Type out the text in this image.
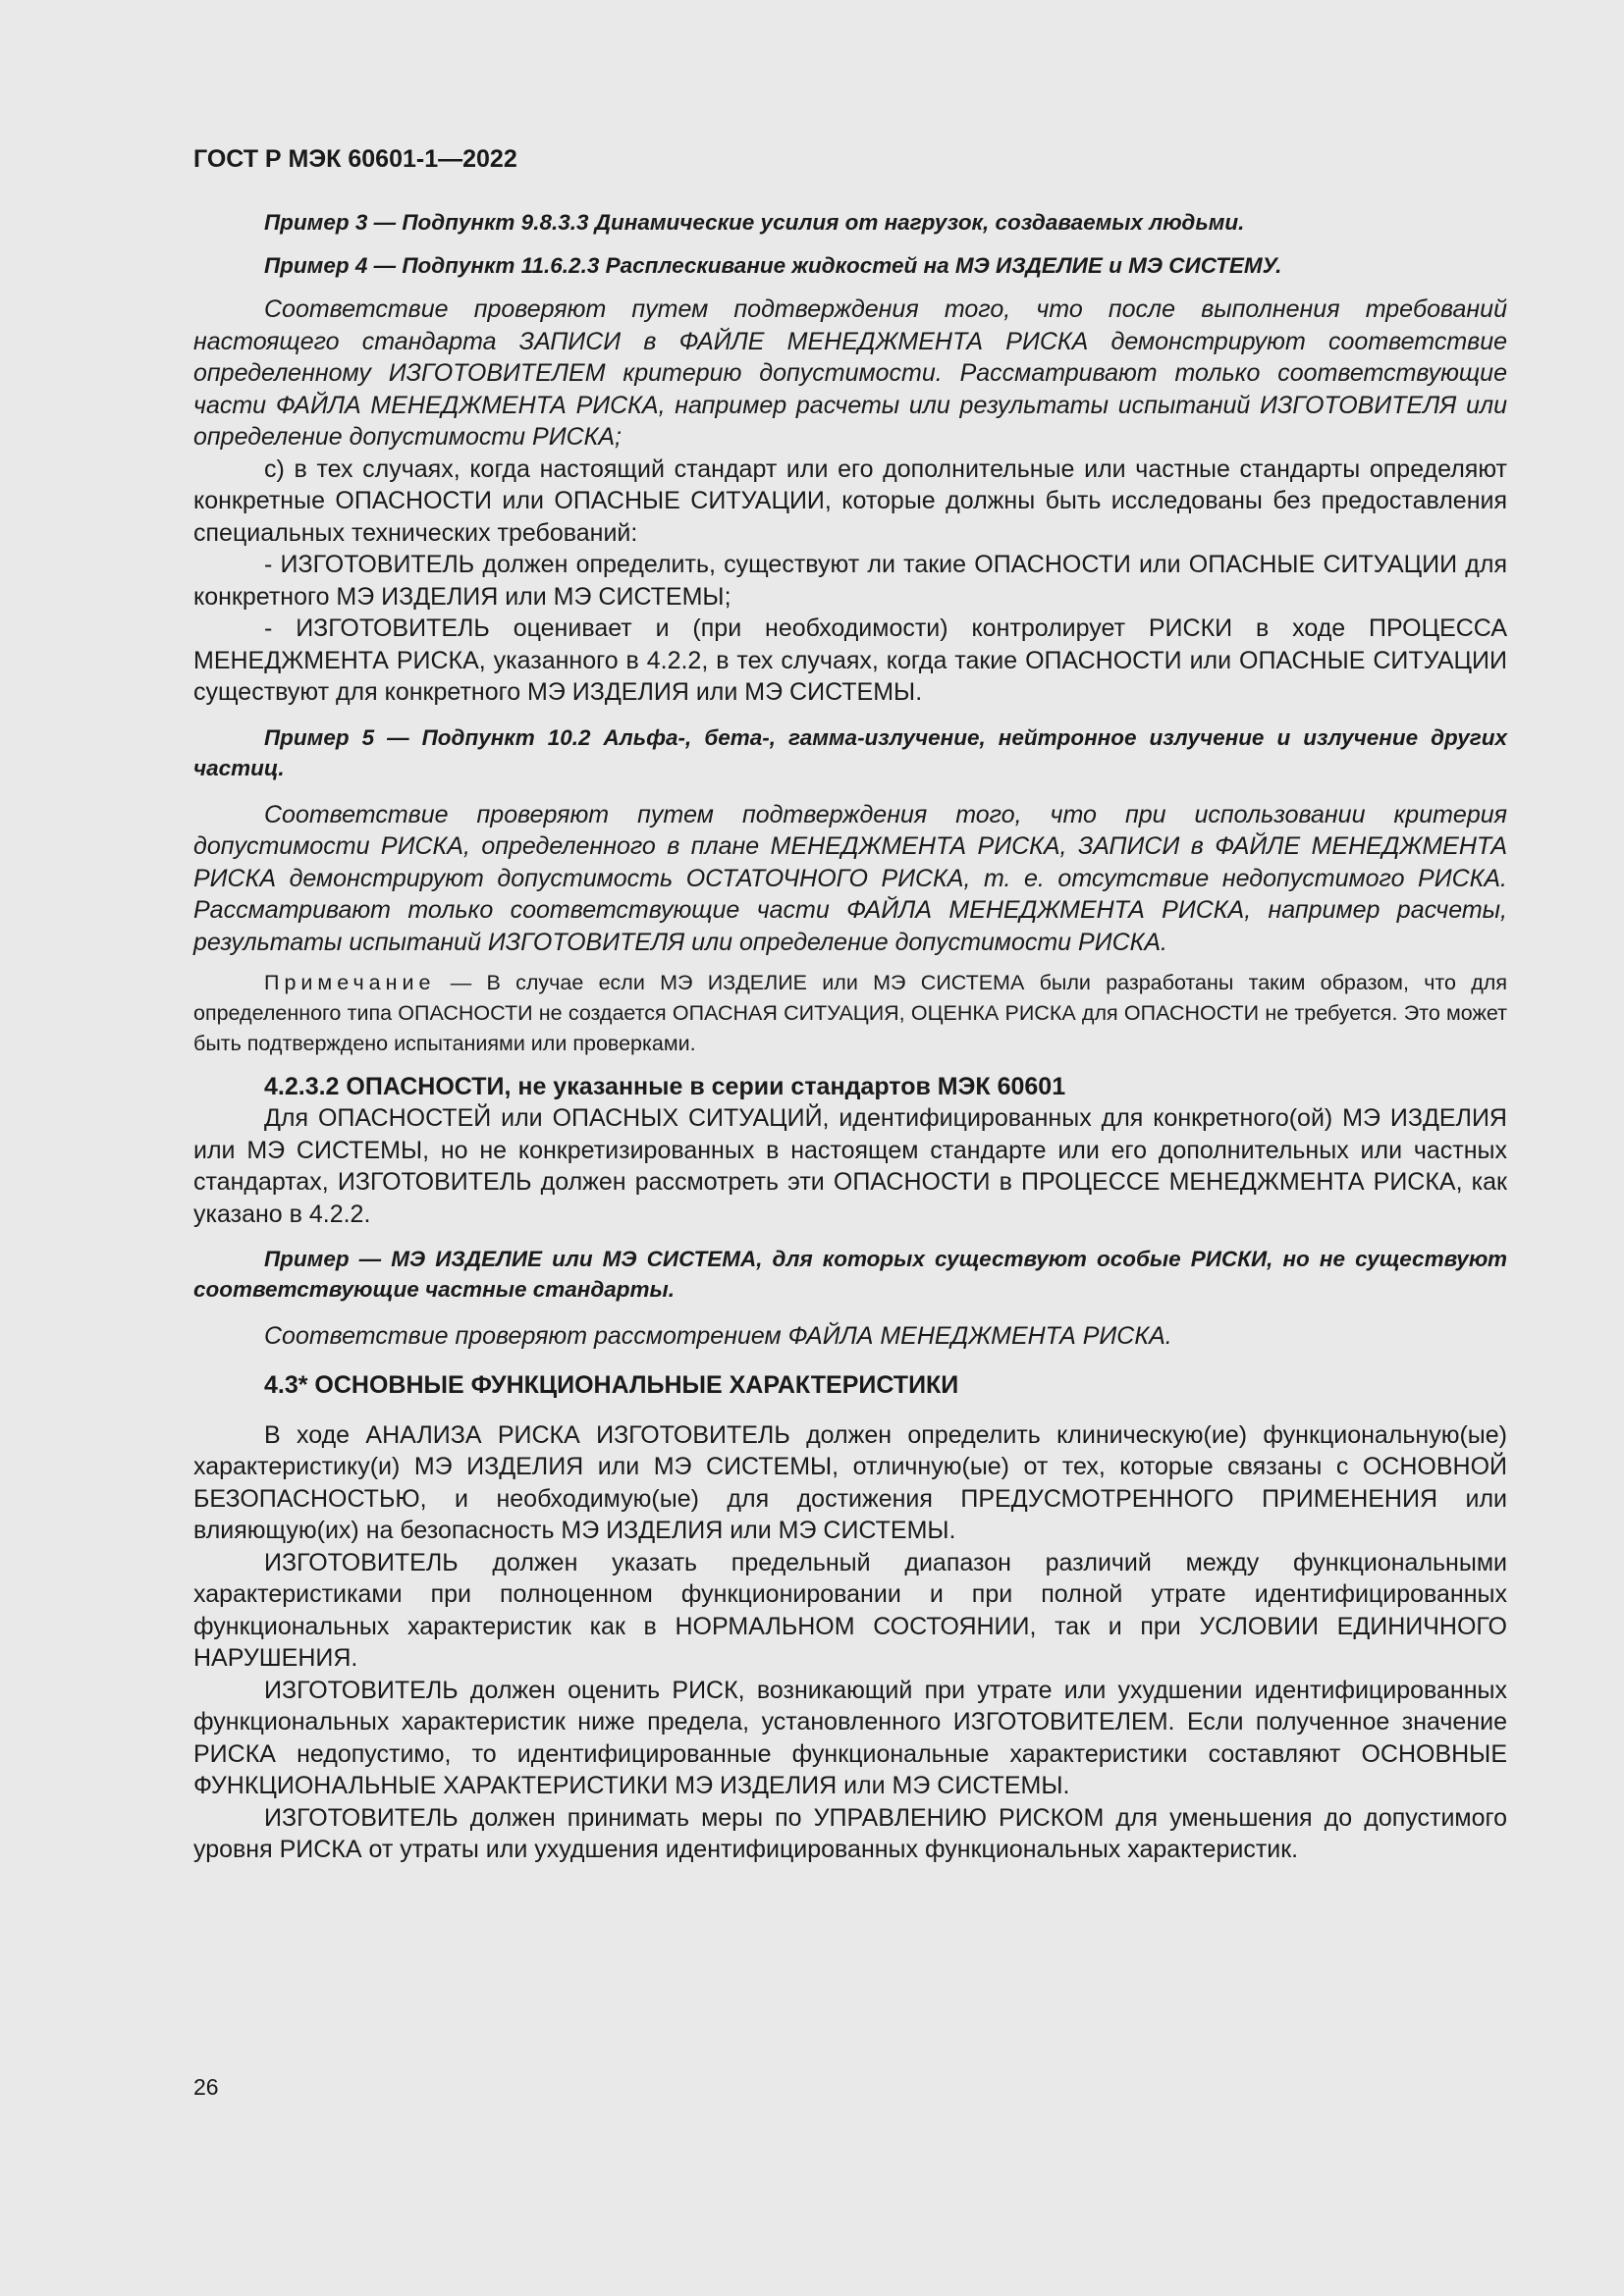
ГОСТ Р МЭК 60601-1—2022

Пример 3 — Подпункт 9.8.3.3 Динамические усилия от нагрузок, создаваемых людьми.

Пример 4 — Подпункт 11.6.2.3 Расплескивание жидкостей на МЭ ИЗДЕЛИЕ и МЭ СИСТЕМУ.

Соответствие проверяют путем подтверждения того, что после выполнения требований настоящего стандарта ЗАПИСИ в ФАЙЛЕ МЕНЕДЖМЕНТА РИСКА демонстрируют соответствие определенному ИЗГОТОВИТЕЛЕМ критерию допустимости. Рассматривают только соответствующие части ФАЙЛА МЕНЕДЖМЕНТА РИСКА, например расчеты или результаты испытаний ИЗГОТОВИТЕЛЯ или определение допустимости РИСКА;

c) в тех случаях, когда настоящий стандарт или его дополнительные или частные стандарты определяют конкретные ОПАСНОСТИ или ОПАСНЫЕ СИТУАЦИИ, которые должны быть исследованы без предоставления специальных технических требований:

- ИЗГОТОВИТЕЛЬ должен определить, существуют ли такие ОПАСНОСТИ или ОПАСНЫЕ СИТУАЦИИ для конкретного МЭ ИЗДЕЛИЯ или МЭ СИСТЕМЫ;

- ИЗГОТОВИТЕЛЬ оценивает и (при необходимости) контролирует РИСКИ в ходе ПРОЦЕССА МЕНЕДЖМЕНТА РИСКА, указанного в 4.2.2, в тех случаях, когда такие ОПАСНОСТИ или ОПАСНЫЕ СИТУАЦИИ существуют для конкретного МЭ ИЗДЕЛИЯ или МЭ СИСТЕМЫ.

Пример 5 — Подпункт 10.2 Альфа-, бета-, гамма-излучение, нейтронное излучение и излучение других частиц.

Соответствие проверяют путем подтверждения того, что при использовании критерия допустимости РИСКА, определенного в плане МЕНЕДЖМЕНТА РИСКА, ЗАПИСИ в ФАЙЛЕ МЕНЕДЖМЕНТА РИСКА демонстрируют допустимость ОСТАТОЧНОГО РИСКА, т. е. отсутствие недопустимого РИСКА. Рассматривают только соответствующие части ФАЙЛА МЕНЕДЖМЕНТА РИСКА, например расчеты, результаты испытаний ИЗГОТОВИТЕЛЯ или определение допустимости РИСКА.

Примечание — В случае если МЭ ИЗДЕЛИЕ или МЭ СИСТЕМА были разработаны таким образом, что для определенного типа ОПАСНОСТИ не создается ОПАСНАЯ СИТУАЦИЯ, ОЦЕНКА РИСКА для ОПАСНОСТИ не требуется. Это может быть подтверждено испытаниями или проверками.

4.2.3.2 ОПАСНОСТИ, не указанные в серии стандартов МЭК 60601

Для ОПАСНОСТЕЙ или ОПАСНЫХ СИТУАЦИЙ, идентифицированных для конкретного(ой) МЭ ИЗДЕЛИЯ или МЭ СИСТЕМЫ, но не конкретизированных в настоящем стандарте или его дополнительных или частных стандартах, ИЗГОТОВИТЕЛЬ должен рассмотреть эти ОПАСНОСТИ в ПРОЦЕССЕ МЕНЕДЖМЕНТА РИСКА, как указано в 4.2.2.

Пример — МЭ ИЗДЕЛИЕ или МЭ СИСТЕМА, для которых существуют особые РИСКИ, но не существуют соответствующие частные стандарты.

Соответствие проверяют рассмотрением ФАЙЛА МЕНЕДЖМЕНТА РИСКА.

4.3* ОСНОВНЫЕ ФУНКЦИОНАЛЬНЫЕ ХАРАКТЕРИСТИКИ

В ходе АНАЛИЗА РИСКА ИЗГОТОВИТЕЛЬ должен определить клиническую(ие) функциональную(ые) характеристику(и) МЭ ИЗДЕЛИЯ или МЭ СИСТЕМЫ, отличную(ые) от тех, которые связаны с ОСНОВНОЙ БЕЗОПАСНОСТЬЮ, и необходимую(ые) для достижения ПРЕДУСМОТРЕННОГО ПРИМЕНЕНИЯ или влияющую(их) на безопасность МЭ ИЗДЕЛИЯ или МЭ СИСТЕМЫ.

ИЗГОТОВИТЕЛЬ должен указать предельный диапазон различий между функциональными характеристиками при полноценном функционировании и при полной утрате идентифицированных функциональных характеристик как в НОРМАЛЬНОМ СОСТОЯНИИ, так и при УСЛОВИИ ЕДИНИЧНОГО НАРУШЕНИЯ.

ИЗГОТОВИТЕЛЬ должен оценить РИСК, возникающий при утрате или ухудшении идентифицированных функциональных характеристик ниже предела, установленного ИЗГОТОВИТЕЛЕМ. Если полученное значение РИСКА недопустимо, то идентифицированные функциональные характеристики составляют ОСНОВНЫЕ ФУНКЦИОНАЛЬНЫЕ ХАРАКТЕРИСТИКИ МЭ ИЗДЕЛИЯ или МЭ СИСТЕМЫ.

ИЗГОТОВИТЕЛЬ должен принимать меры по УПРАВЛЕНИЮ РИСКОМ для уменьшения до допустимого уровня РИСКА от утраты или ухудшения идентифицированных функциональных характеристик.

26
